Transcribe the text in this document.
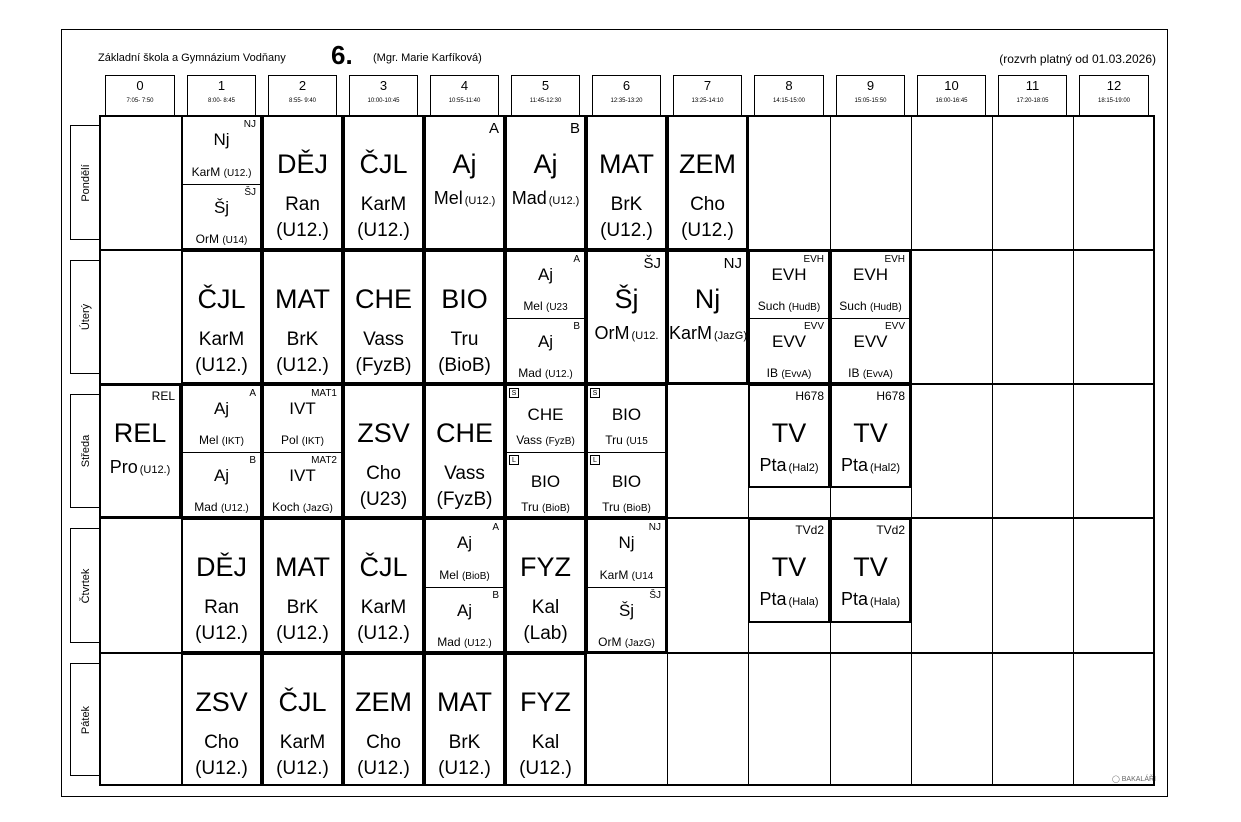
Základní škola a Gymnázium Vodňany 6. (Mgr. Marie Karfíková)	(rozvrh platný od 01.03.2026)
◯ BAKALÁŘI
0
7:05- 7:50
1
8:00- 8:45
2
8:55- 9:40
3
10:00-10:45
4
10:55-11:40
5
11:45-12:30
6
12:35-13:20
7
13:25-14:10
8
14:15-15:00
9
15:05-15:50
10
16:00-16:45
11
17:20-18:05
12
18:15-19:00
Pondělí
Úterý
Středa
Čtvrtek
Pátek
NJ
Nj
KarM (U12.)
ŠJ
Šj
OrM (U14)
DĚJ
Ran
(U12.)
ČJL
KarM
(U12.)
A
Aj
Mel (U12.)
B
Aj
Mad (U12.)
MAT
BrK
(U12.)
ZEM
Cho
(U12.)
ČJL
KarM
(U12.)
MAT
BrK
(U12.)
CHE
Vass
(FyzB)
BIO
Tru
(BioB)
A
Aj
Mel (U23
B
Aj
Mad (U12.)
ŠJ
Šj
OrM (U12.
NJ
Nj
KarM (JazG)
EVH
EVH
Such (HudB)
EVV
EVV
IB (EvvA)
EVH
EVH
Such (HudB)
EVV
EVV
IB (EvvA)
REL
REL
Pro (U12.)
A
Aj
Mel (IKT)
B
Aj
Mad (U12.)
MAT1
IVT
Pol (IKT)
MAT2
IVT
Koch (JazG)
ZSV
Cho
(U23)
CHE
Vass
(FyzB)
S
CHE
Vass (FyzB)
L
BIO
Tru (BioB)
S
BIO
Tru (U15
L
BIO
Tru (BioB)
H678
TV
Pta (Hal2)
H678
TV
Pta (Hal2)
DĚJ
Ran
(U12.)
MAT
BrK
(U12.)
ČJL
KarM
(U12.)
A
Aj
Mel (BioB)
B
Aj
Mad (U12.)
FYZ
Kal
(Lab)
NJ
Nj
KarM (U14
ŠJ
Šj
OrM (JazG)
TVd2
TV
Pta (Hala)
TVd2
TV
Pta (Hala)
ZSV
Cho
(U12.)
ČJL
KarM
(U12.)
ZEM
Cho
(U12.)
MAT
BrK
(U12.)
FYZ
Kal
(U12.)
